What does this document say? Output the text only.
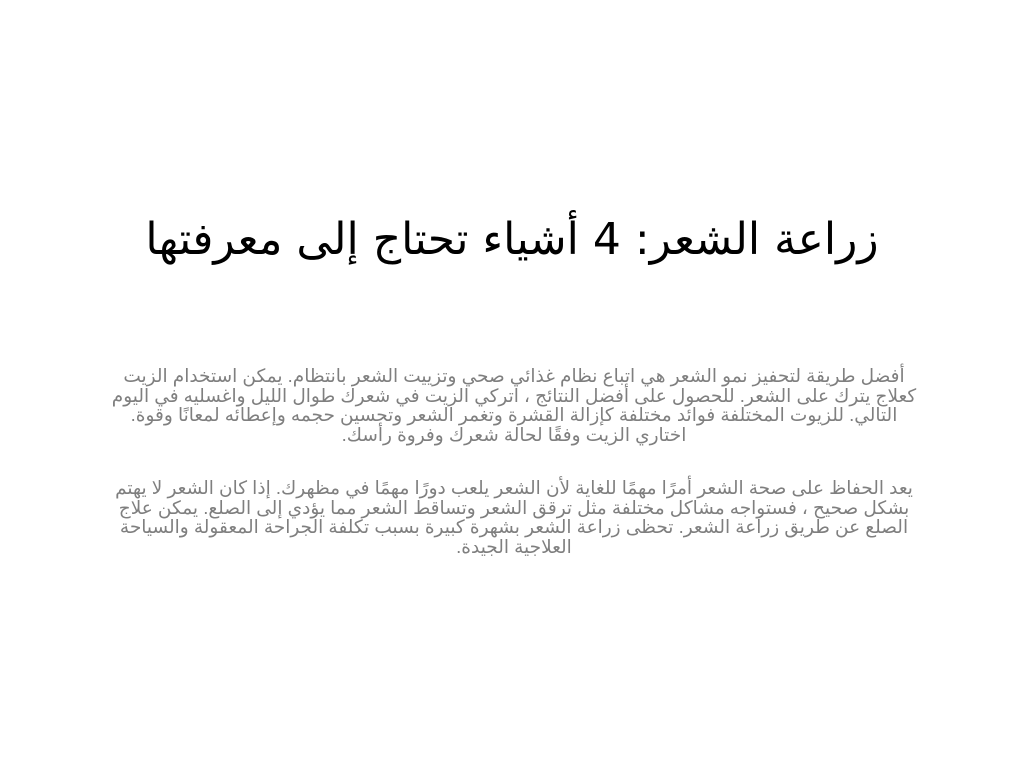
زراعة الشعر: 4 أشياء تحتاج إلى معرفتها

أفضل طريقة لتحفيز نمو الشعر هي اتباع نظام غذائي صحي وتزييت الشعر بانتظام. يمكن استخدام الزيت كعلاج يترك على الشعر. للحصول على أفضل النتائج ، اتركي الزيت في شعرك طوال الليل واغسليه في اليوم التالي. للزيوت المختلفة فوائد مختلفة كإزالة القشرة وتغمر الشعر وتحسين حجمه وإعطائه لمعانًا وقوة. اختاري الزيت وفقًا لحالة شعرك وفروة رأسك.

يعد الحفاظ على صحة الشعر أمرًا مهمًا للغاية لأن الشعر يلعب دورًا مهمًا في مظهرك. إذا كان الشعر لا يهتم بشكل صحيح ، فستواجه مشاكل مختلفة مثل ترقق الشعر وتساقط الشعر مما يؤدي إلى الصلع. يمكن علاج الصلع عن طريق زراعة الشعر. تحظى زراعة الشعر بشهرة كبيرة بسبب تكلفة الجراحة المعقولة والسياحة العلاجية الجيدة.
